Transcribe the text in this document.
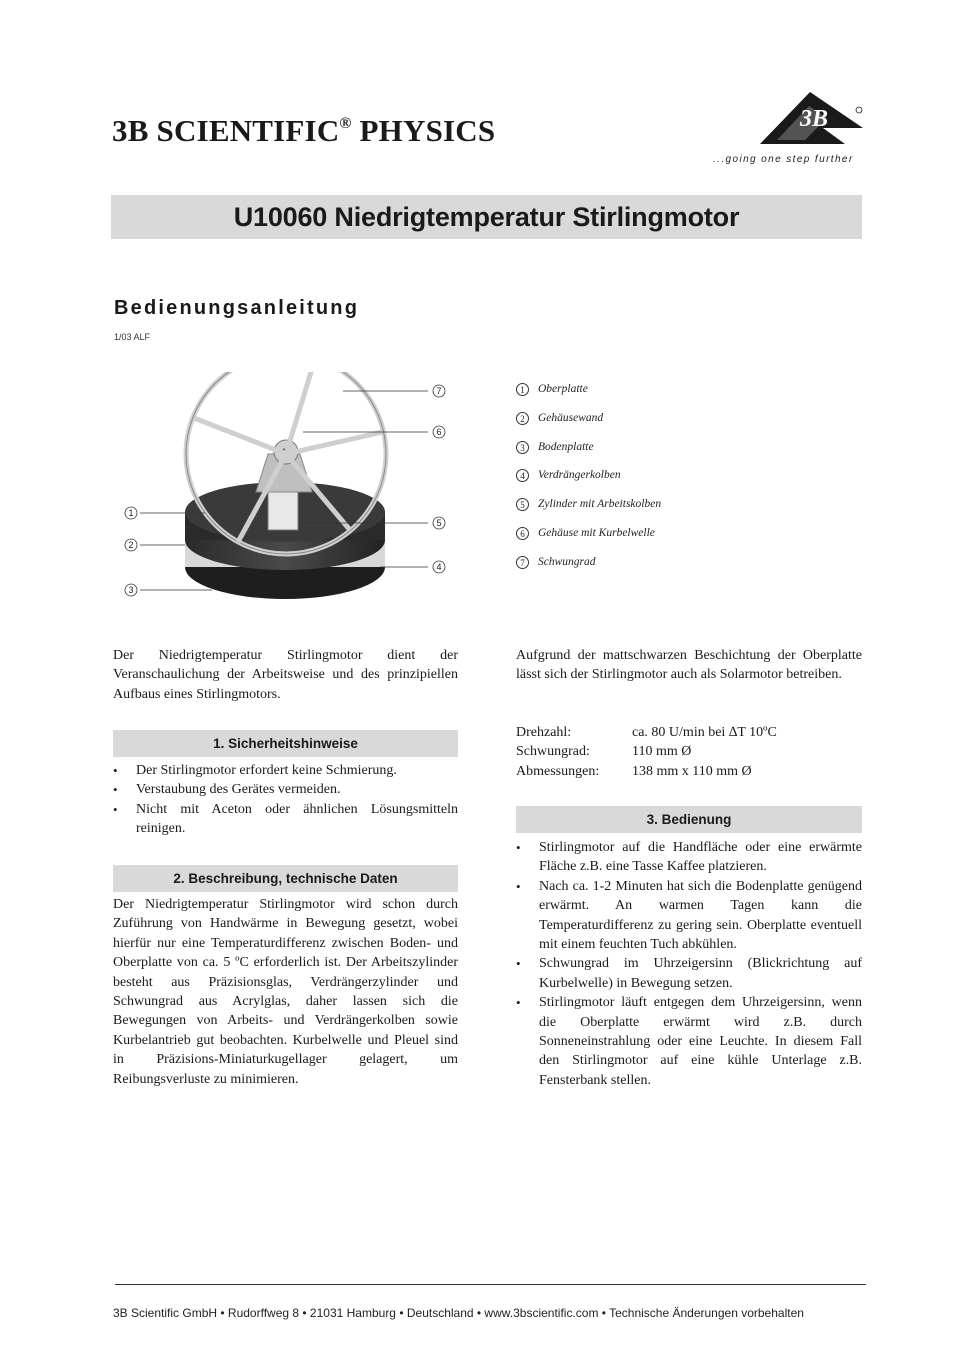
3B SCIENTIFIC® PHYSICS	3B
...going one step further
U10060 Niedrigtemperatur Stirlingmotor
Bedienungsanleitung
1/03 ALF
7
6
1
2
3
5
4
1	Oberplatte
2	Gehäusewand
3	Bodenplatte
4	Verdrängerkolben
5	Zylinder mit Arbeitskolben
6	Gehäuse mit Kurbelwelle
7	Schwungrad
Der Niedrigtemperatur Stirlingmotor dient der Veranschaulichung der Arbeitsweise und des prinzipiellen Aufbaus eines Stirlingmotors.
1. Sicherheitshinweise
• Der Stirlingmotor erfordert keine Schmierung.
• Verstaubung des Gerätes vermeiden.
• Nicht mit Aceton oder ähnlichen Lösungsmitteln reinigen.
2. Beschreibung, technische Daten
Der Niedrigtemperatur Stirlingmotor wird schon durch Zuführung von Handwärme in Bewegung gesetzt, wobei hierfür nur eine Temperaturdifferenz zwischen Boden- und Oberplatte von ca. 5 ºC erforderlich ist. Der Arbeitszylinder besteht aus Präzisionsglas, Verdrängerzylinder und Schwungrad aus Acrylglas, daher lassen sich die Bewegungen von Arbeits- und Verdrängerkolben sowie Kurbelantrieb gut beobachten. Kurbelwelle und Pleuel sind in Präzisions-Miniaturkugellager gelagert, um Reibungsverluste zu minimieren.
Aufgrund der mattschwarzen Beschichtung der Oberplatte lässt sich der Stirlingmotor auch als Solarmotor betreiben.
Drehzahl:	ca. 80 U/min bei ∆T 10ºC
Schwungrad:	110 mm Ø
Abmessungen:	138 mm x 110 mm Ø
3. Bedienung
• Stirlingmotor auf die Handfläche oder eine erwärmte Fläche z.B. eine Tasse Kaffee platzieren.
• Nach ca. 1-2 Minuten hat sich die Bodenplatte genügend erwärmt. An warmen Tagen kann die Temperaturdifferenz zu gering sein. Oberplatte eventuell mit einem feuchten Tuch abkühlen.
• Schwungrad im Uhrzeigersinn (Blickrichtung auf Kurbelwelle) in Bewegung setzen.
• Stirlingmotor läuft entgegen dem Uhrzeigersinn, wenn die Oberplatte erwärmt wird z.B. durch Sonneneinstrahlung oder eine Leuchte. In diesem Fall den Stirlingmotor auf eine kühle Unterlage z.B. Fensterbank stellen.
3B Scientific GmbH • Rudorffweg 8 • 21031 Hamburg • Deutschland • www.3bscientific.com • Technische Änderungen vorbehalten
